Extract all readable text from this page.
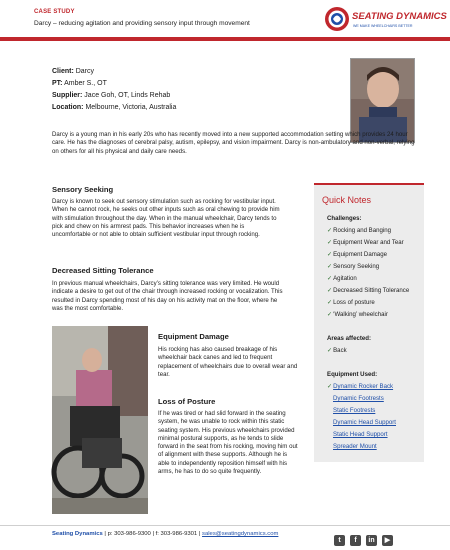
CASE STUDY
Darcy – reducing agitation and providing sensory input through movement
SEATING DYNAMICS
WE MAKE WHEELCHAIRS BETTER
Client: Darcy
PT: Amber S., OT
Supplier: Jace Goh, OT, Linds Rehab
Location: Melbourne, Victoria, Australia
Darcy is a young man in his early 20s who has recently moved into a new supported accommodation setting which provides 24 hour care. He has the diagnoses of cerebral palsy, autism, epilepsy, and vision impairment. Darcy is non-ambulatory and non-verbal, relying on others for all his physical and daily care needs.
Sensory Seeking
Darcy is known to seek out sensory stimulation such as rocking for vestibular input. When he cannot rock, he seeks out other inputs such as oral chewing to provide him with stimulation throughout the day. When in the manual wheelchair, Darcy tends to pick and chew on his armrest pads. This behavior increases when he is uncomfortable or not able to obtain sufficient vestibular input through rocking.
Decreased Sitting Tolerance
In previous manual wheelchairs, Darcy’s sitting tolerance was very limited. He would indicate a desire to get out of the chair through increased rocking or vocalization. This resulted in Darcy spending most of his day on his activity mat on the floor, where he was the most comfortable.
Equipment Damage
His rocking has also caused breakage of his wheelchair back canes and led to frequent replacement of wheelchairs due to overall wear and tear.
Loss of Posture
If he was tired or had slid forward in the seating system, he was unable to rock within this static seating system. His previous wheelchairs provided minimal postural supports, as he tends to slide forward in the seat from his rocking, moving him out of alignment with these supports. Although he is able to independently reposition himself with his arms, he has to do so quite frequently.
Quick Notes
Challenges:
✓Rocking and Banging
✓Equipment Wear and Tear
✓Equipment Damage
✓Sensory Seeking
✓Agitation
✓Decreased Sitting Tolerance
✓Loss of posture
✓‘Walking’ wheelchair
Areas affected:
✓Back
Equipment Used:
✓Dynamic Rocker Back
Dynamic Footrests
Static Footrests
Dynamic Head Support
Static Head Support
Spreader Mount
Seating Dynamics | p: 303-986-9300 | f: 303-986-9301 | sales@seatingdynamics.com
t	f	in	▶
